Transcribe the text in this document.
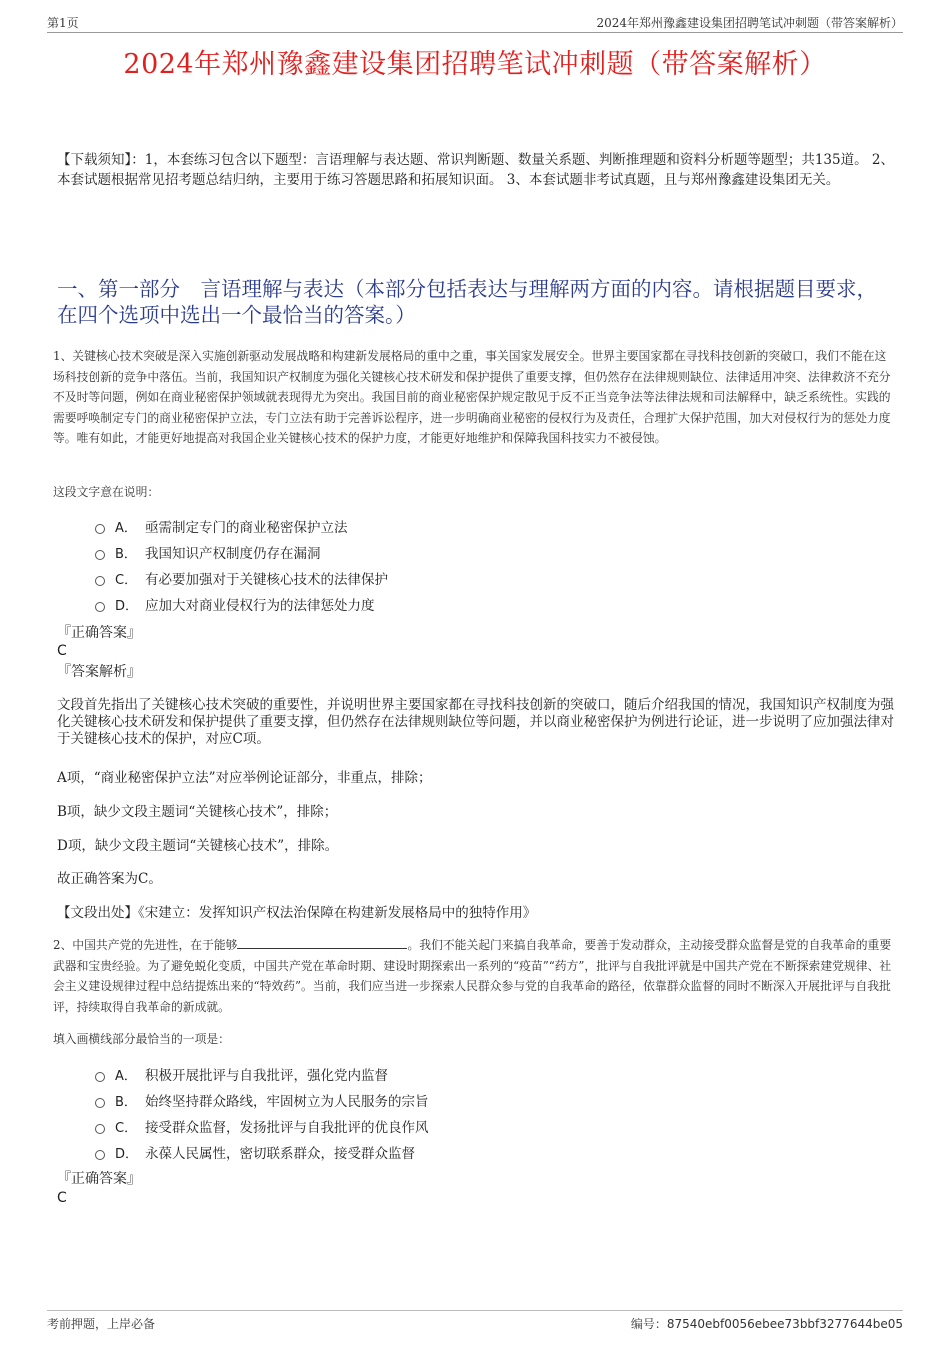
第1页	2024年郑州豫鑫建设集团招聘笔试冲刺题（带答案解析）
2024年郑州豫鑫建设集团招聘笔试冲刺题（带答案解析）
【下载须知】：1，本套练习包含以下题型：言语理解与表达题、常识判断题、数量关系题、判断推理题和资料分析题等题型；共135道。 2、本套试题根据常见招考题总结归纳，主要用于练习答题思路和拓展知识面。 3、本套试题非考试真题，且与郑州豫鑫建设集团无关。
一、第一部分　言语理解与表达（本部分包括表达与理解两方面的内容。请根据题目要求，在四个选项中选出一个最恰当的答案。）
1、关键核心技术突破是深入实施创新驱动发展战略和构建新发展格局的重中之重，事关国家发展安全。世界主要国家都在寻找科技创新的突破口，我们不能在这场科技创新的竞争中落伍。当前，我国知识产权制度为强化关键核心技术研发和保护提供了重要支撑，但仍然存在法律规则缺位、法律适用冲突、法律救济不充分不及时等问题，例如在商业秘密保护领域就表现得尤为突出。我国目前的商业秘密保护规定散见于反不正当竞争法等法律法规和司法解释中，缺乏系统性。实践的需要呼唤制定专门的商业秘密保护立法，专门立法有助于完善诉讼程序，进一步明确商业秘密的侵权行为及责任，合理扩大保护范围，加大对侵权行为的惩处力度等。唯有如此，才能更好地提高对我国企业关键核心技术的保护力度，才能更好地维护和保障我国科技实力不被侵蚀。
这段文字意在说明：
A． 亟需制定专门的商业秘密保护立法
B． 我国知识产权制度仍存在漏洞
C． 有必要加强对于关键核心技术的法律保护
D． 应加大对商业侵权行为的法律惩处力度
『正确答案』
C
『答案解析』
文段首先指出了关键核心技术突破的重要性，并说明世界主要国家都在寻找科技创新的突破口，随后介绍我国的情况，我国知识产权制度为强化关键核心技术研发和保护提供了重要支撑，但仍然存在法律规则缺位等问题，并以商业秘密保护为例进行论证，进一步说明了应加强法律对于关键核心技术的保护，对应C项。
A项，“商业秘密保护立法”对应举例论证部分，非重点，排除；
B项，缺少文段主题词“关键核心技术”，排除；
D项，缺少文段主题词“关键核心技术”，排除。
故正确答案为C。
【文段出处】《宋建立：发挥知识产权法治保障在构建新发展格局中的独特作用》
2、中国共产党的先进性，在于能够	。我们不能关起门来搞自我革命，要善于发动群众，主动接受群众监督是党的自我革命的重要武器和宝贵经验。为了避免蜕化变质，中国共产党在革命时期、建设时期探索出一系列的“疫苗”“药方”，批评与自我批评就是中国共产党在不断探索建党规律、社会主义建设规律过程中总结提炼出来的“特效药”。当前，我们应当进一步探索人民群众参与党的自我革命的路径，依靠群众监督的同时不断深入开展批评与自我批评，持续取得自我革命的新成就。
填入画横线部分最恰当的一项是：
A． 积极开展批评与自我批评，强化党内监督
B． 始终坚持群众路线，牢固树立为人民服务的宗旨
C． 接受群众监督，发扬批评与自我批评的优良作风
D． 永葆人民属性，密切联系群众，接受群众监督
『正确答案』
C
考前押题，上岸必备	编号：87540ebf0056ebee73bbf3277644be05
